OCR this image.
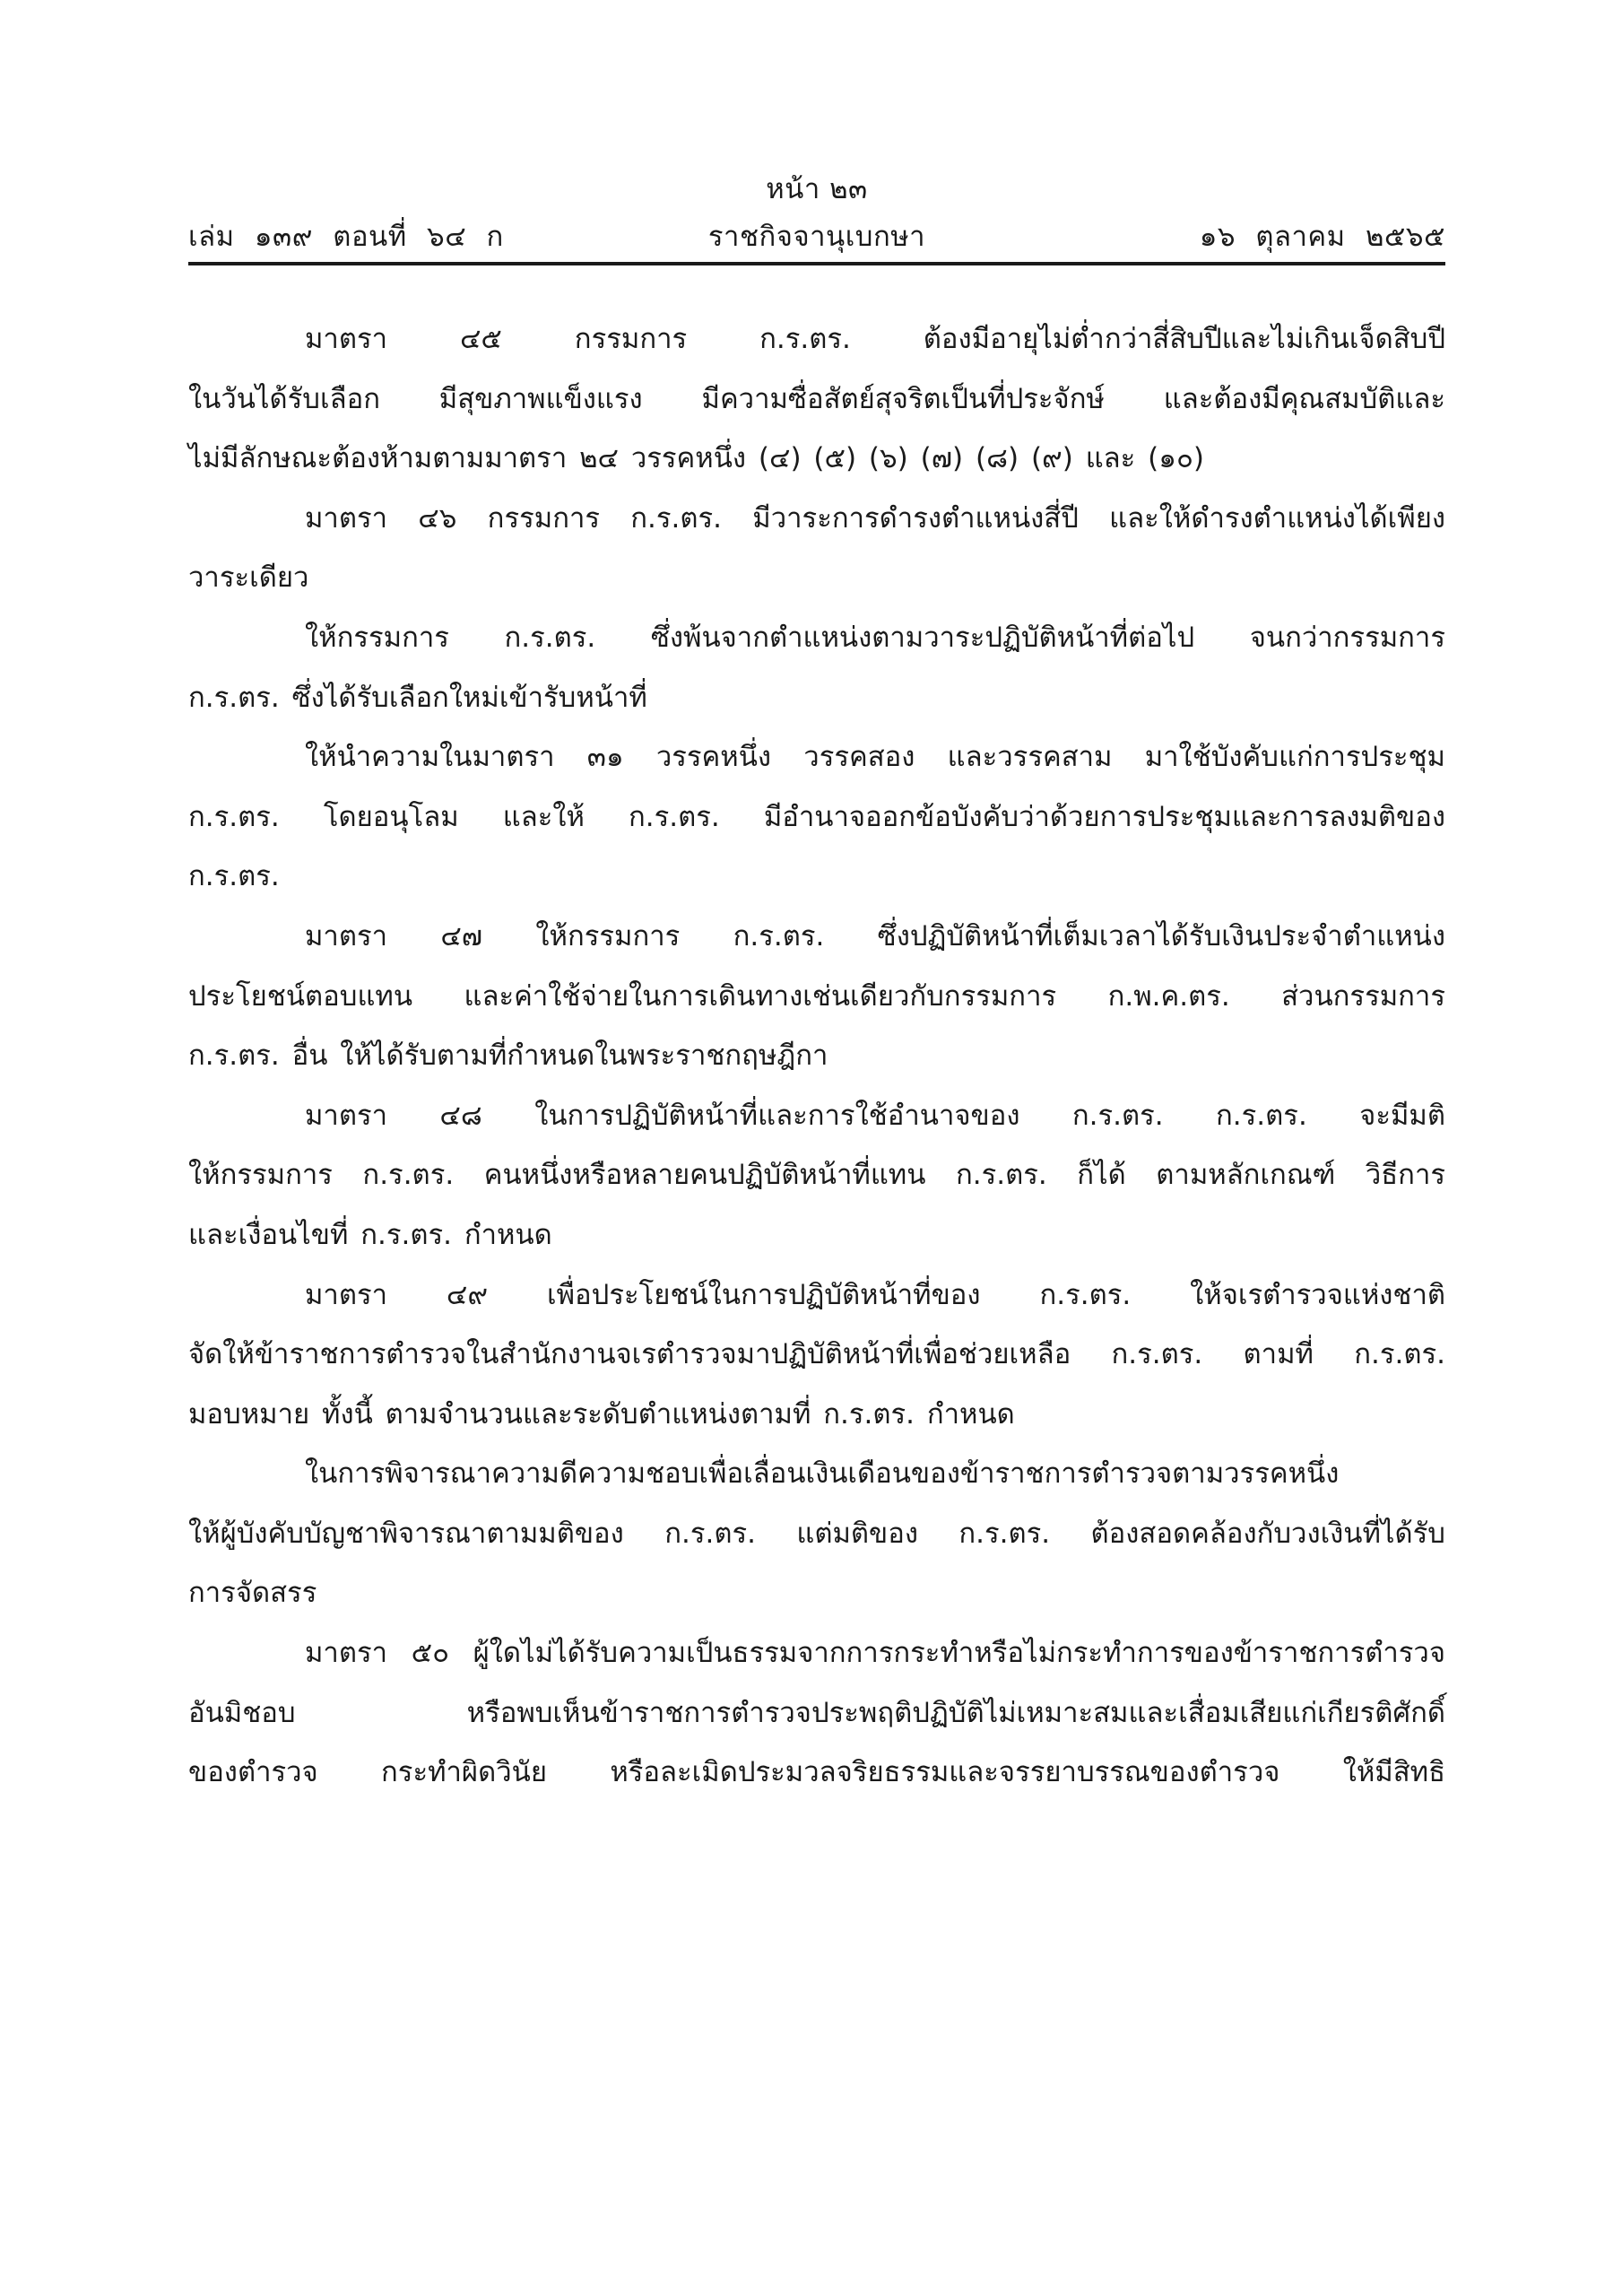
หน้า ๒๓
เล่ม ๑๓๙ ตอนที่ ๖๔ ก	ราชกิจจานุเบกษา	๑๖ ตุลาคม ๒๕๖๕
มาตรา ๔๕ กรรมการ ก.ร.ตร. ต้องมีอายุไม่ต่ำกว่าสี่สิบปีและไม่เกินเจ็ดสิบปี
ในวันได้รับเลือก มีสุขภาพแข็งแรง มีความซื่อสัตย์สุจริตเป็นที่ประจักษ์ และต้องมีคุณสมบัติและ
ไม่มีลักษณะต้องห้ามตามมาตรา ๒๔ วรรคหนึ่ง (๔) (๕) (๖) (๗) (๘) (๙) และ (๑๐)
มาตรา ๔๖ กรรมการ ก.ร.ตร. มีวาระการดำรงตำแหน่งสี่ปี และให้ดำรงตำแหน่งได้เพียง
วาระเดียว
ให้กรรมการ ก.ร.ตร. ซึ่งพ้นจากตำแหน่งตามวาระปฏิบัติหน้าที่ต่อไป จนกว่ากรรมการ
ก.ร.ตร. ซึ่งได้รับเลือกใหม่เข้ารับหน้าที่
ให้นำความในมาตรา ๓๑ วรรคหนึ่ง วรรคสอง และวรรคสาม มาใช้บังคับแก่การประชุม
ก.ร.ตร. โดยอนุโลม และให้ ก.ร.ตร. มีอำนาจออกข้อบังคับว่าด้วยการประชุมและการลงมติของ
ก.ร.ตร.
มาตรา ๔๗ ให้กรรมการ ก.ร.ตร. ซึ่งปฏิบัติหน้าที่เต็มเวลาได้รับเงินประจำตำแหน่ง
ประโยชน์ตอบแทน และค่าใช้จ่ายในการเดินทางเช่นเดียวกับกรรมการ ก.พ.ค.ตร. ส่วนกรรมการ
ก.ร.ตร. อื่น ให้ได้รับตามที่กำหนดในพระราชกฤษฎีกา
มาตรา ๔๘ ในการปฏิบัติหน้าที่และการใช้อำนาจของ ก.ร.ตร. ก.ร.ตร. จะมีมติ
ให้กรรมการ ก.ร.ตร. คนหนึ่งหรือหลายคนปฏิบัติหน้าที่แทน ก.ร.ตร. ก็ได้ ตามหลักเกณฑ์ วิธีการ
และเงื่อนไขที่ ก.ร.ตร. กำหนด
มาตรา ๔๙ เพื่อประโยชน์ในการปฏิบัติหน้าที่ของ ก.ร.ตร. ให้จเรตำรวจแห่งชาติ
จัดให้ข้าราชการตำรวจในสำนักงานจเรตำรวจมาปฏิบัติหน้าที่เพื่อช่วยเหลือ ก.ร.ตร. ตามที่ ก.ร.ตร.
มอบหมาย ทั้งนี้ ตามจำนวนและระดับตำแหน่งตามที่ ก.ร.ตร. กำหนด
ในการพิจารณาความดีความชอบเพื่อเลื่อนเงินเดือนของข้าราชการตำรวจตามวรรคหนึ่ง
ให้ผู้บังคับบัญชาพิจารณาตามมติของ ก.ร.ตร. แต่มติของ ก.ร.ตร. ต้องสอดคล้องกับวงเงินที่ได้รับ
การจัดสรร
มาตรา ๕๐ ผู้ใดไม่ได้รับความเป็นธรรมจากการกระทำหรือไม่กระทำการของข้าราชการตำรวจ
อันมิชอบ หรือพบเห็นข้าราชการตำรวจประพฤติปฏิบัติไม่เหมาะสมและเสื่อมเสียแก่เกียรติศักดิ์
ของตำรวจ กระทำผิดวินัย หรือละเมิดประมวลจริยธรรมและจรรยาบรรณของตำรวจ ให้มีสิทธิ
